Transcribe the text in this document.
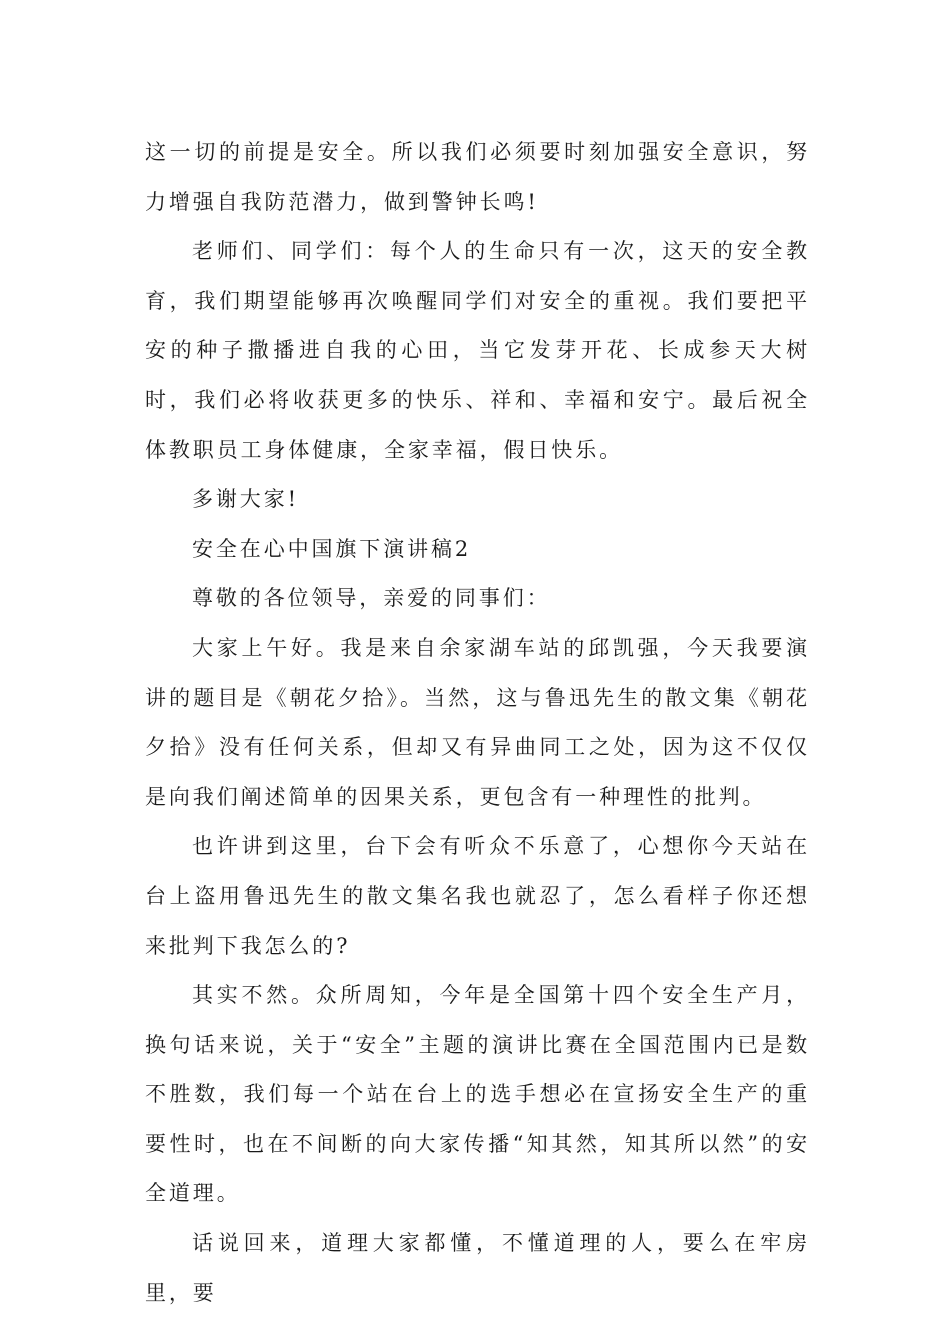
这一切的前提是安全。所以我们必须要时刻加强安全意识，努力增强自我防范潜力，做到警钟长鸣!

老师们、同学们：每个人的生命只有一次，这天的安全教育，我们期望能够再次唤醒同学们对安全的重视。我们要把平安的种子撒播进自我的心田，当它发芽开花、长成参天大树时，我们必将收获更多的快乐、祥和、幸福和安宁。最后祝全体教职员工身体健康，全家幸福，假日快乐。

多谢大家!

安全在心中国旗下演讲稿2

尊敬的各位领导，亲爱的同事们：

大家上午好。我是来自余家湖车站的邱凯强，今天我要演讲的题目是《朝花夕拾》。当然，这与鲁迅先生的散文集《朝花夕拾》没有任何关系，但却又有异曲同工之处，因为这不仅仅是向我们阐述简单的因果关系，更包含有一种理性的批判。

也许讲到这里，台下会有听众不乐意了，心想你今天站在台上盗用鲁迅先生的散文集名我也就忍了，怎么看样子你还想来批判下我怎么的?

其实不然。众所周知，今年是全国第十四个安全生产月，换句话来说，关于“安全”主题的演讲比赛在全国范围内已是数不胜数，我们每一个站在台上的选手想必在宣扬安全生产的重要性时，也在不间断的向大家传播“知其然，知其所以然”的安全道理。

话说回来，道理大家都懂，不懂道理的人，要么在牢房里，要
